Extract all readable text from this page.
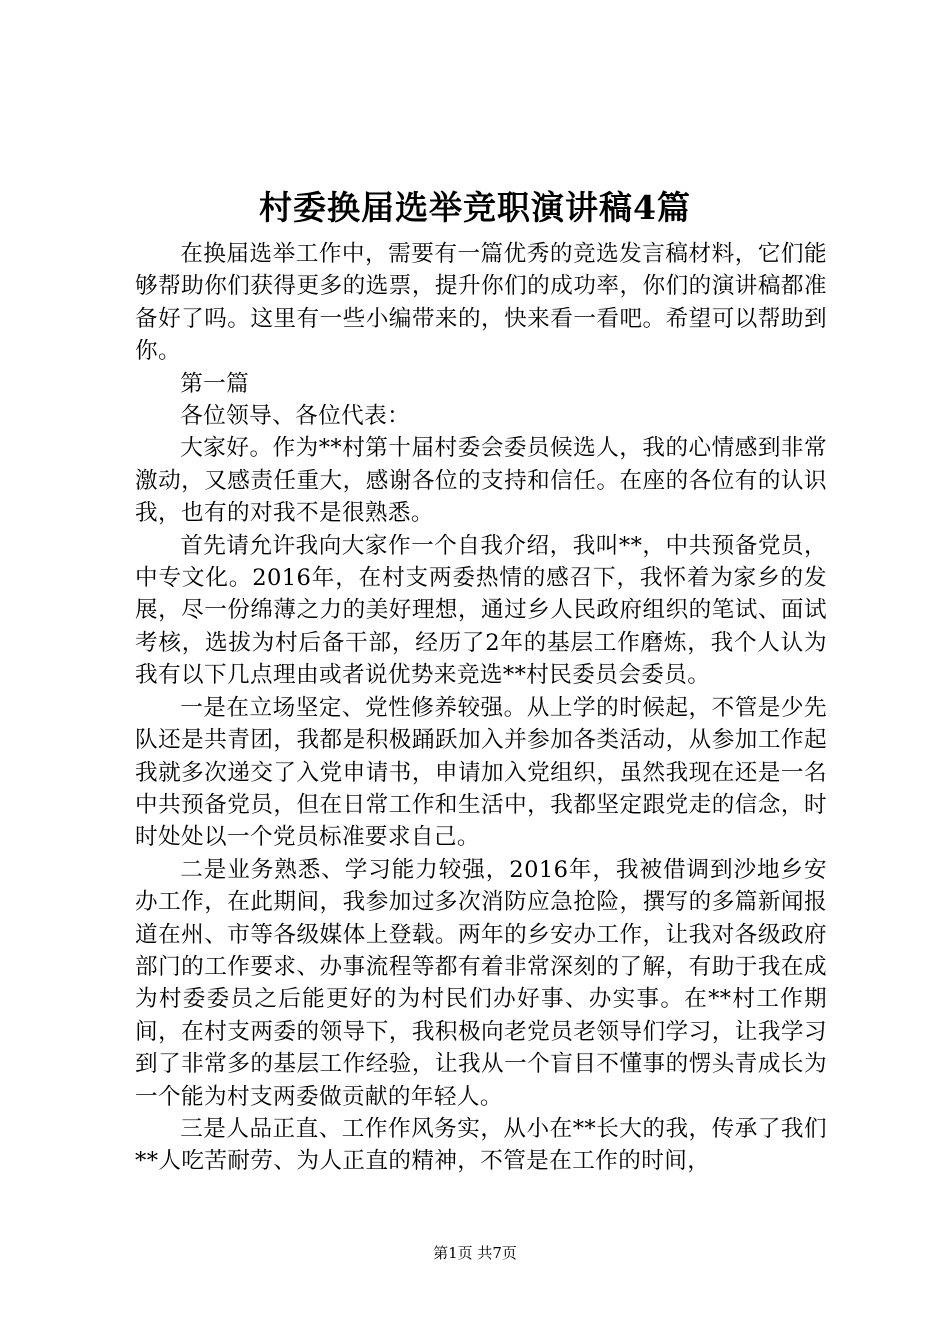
村委换届选举竞职演讲稿4篇

在换届选举工作中，需要有一篇优秀的竞选发言稿材料，它们能够帮助你们获得更多的选票，提升你们的成功率，你们的演讲稿都准备好了吗。这里有一些小编带来的，快来看一看吧。希望可以帮助到你。

第一篇

各位领导、各位代表：

大家好。作为**村第十届村委会委员候选人，我的心情感到非常激动，又感责任重大，感谢各位的支持和信任。在座的各位有的认识我，也有的对我不是很熟悉。

首先请允许我向大家作一个自我介绍，我叫**，中共预备党员，中专文化。2016年，在村支两委热情的感召下，我怀着为家乡的发展，尽一份绵薄之力的美好理想，通过乡人民政府组织的笔试、面试考核，选拔为村后备干部，经历了2年的基层工作磨炼，我个人认为我有以下几点理由或者说优势来竞选**村民委员会委员。

一是在立场坚定、党性修养较强。从上学的时候起，不管是少先队还是共青团，我都是积极踊跃加入并参加各类活动，从参加工作起我就多次递交了入党申请书，申请加入党组织，虽然我现在还是一名中共预备党员，但在日常工作和生活中，我都坚定跟党走的信念，时时处处以一个党员标准要求自己。

二是业务熟悉、学习能力较强，2016年，我被借调到沙地乡安办工作，在此期间，我参加过多次消防应急抢险，撰写的多篇新闻报道在州、市等各级媒体上登载。两年的乡安办工作，让我对各级政府部门的工作要求、办事流程等都有着非常深刻的了解，有助于我在成为村委委员之后能更好的为村民们办好事、办实事。在**村工作期间，在村支两委的领导下，我积极向老党员老领导们学习，让我学习到了非常多的基层工作经验，让我从一个盲目不懂事的愣头青成长为一个能为村支两委做贡献的年轻人。

三是人品正直、工作作风务实，从小在**长大的我，传承了我们**人吃苦耐劳、为人正直的精神，不管是在工作的时间，

第1页 共7页
